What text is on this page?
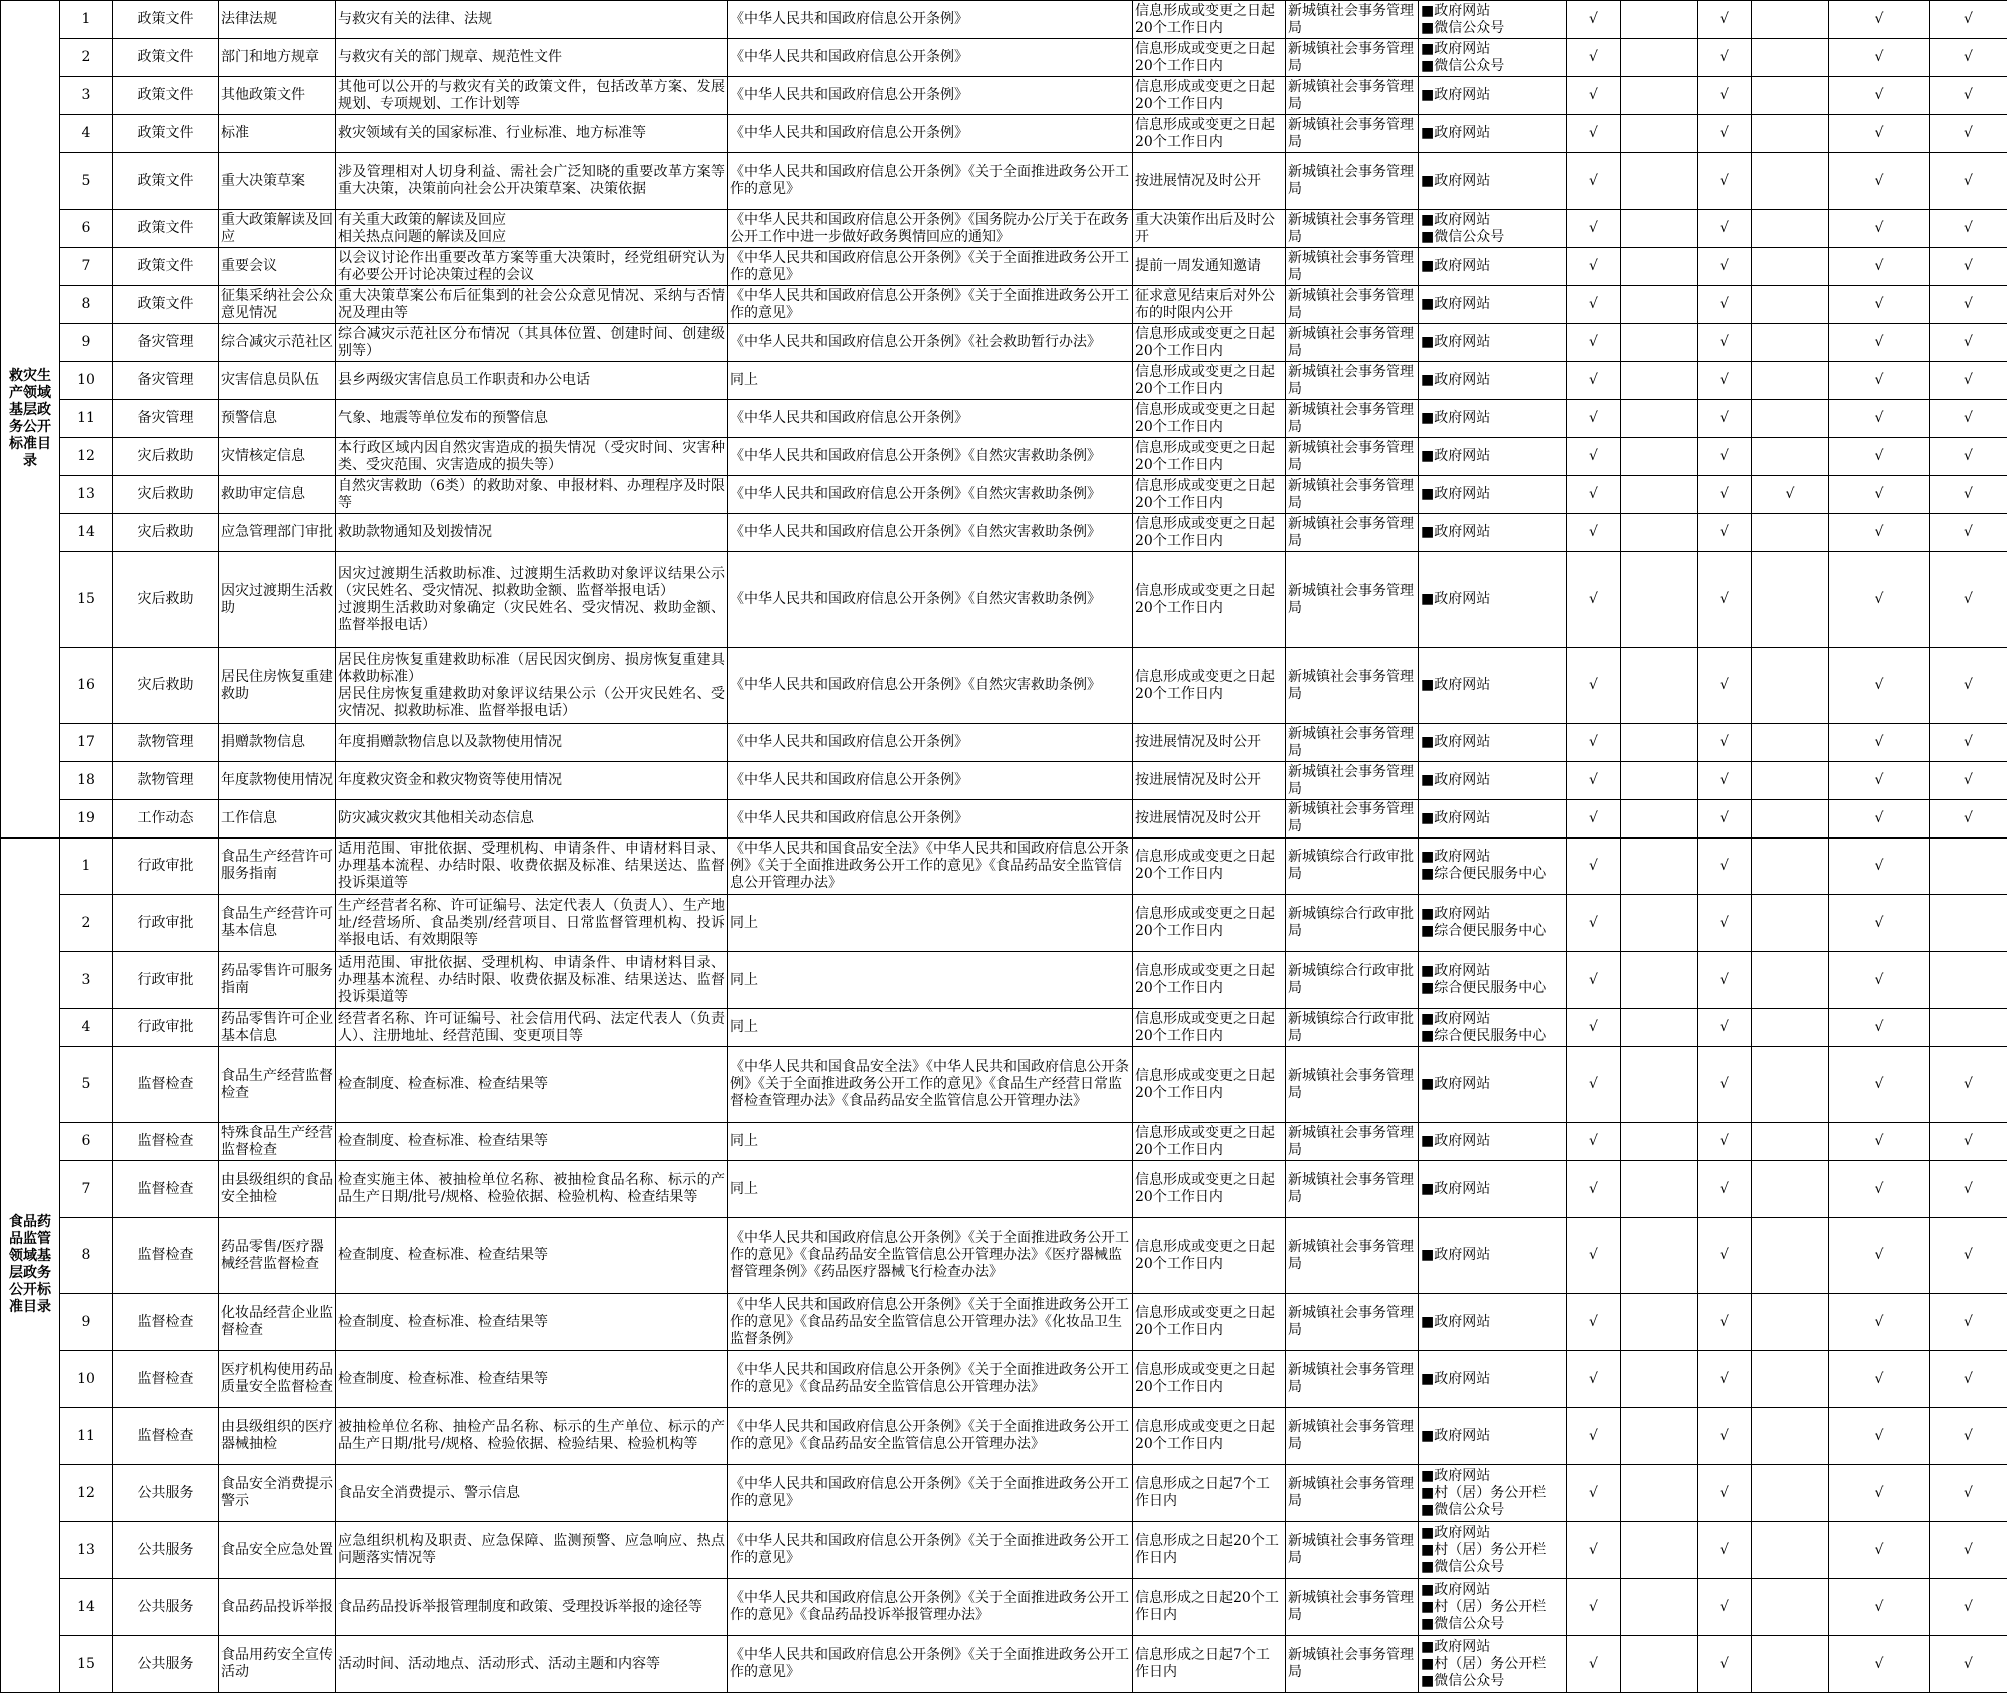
救灾生产领域基层政务公开标准目录	1	政策文件	法律法规	与救灾有关的法律、法规	《中华人民共和国政府信息公开条例》	信息形成或变更之日起20个工作日内	新城镇社会事务管理局	■政府网站
■微信公众号	√		√		√	√
	2	政策文件	部门和地方规章	与救灾有关的部门规章、规范性文件	《中华人民共和国政府信息公开条例》	信息形成或变更之日起20个工作日内	新城镇社会事务管理局	■政府网站
■微信公众号	√		√		√	√
	3	政策文件	其他政策文件	其他可以公开的与救灾有关的政策文件，包括改革方案、发展规划、专项规划、工作计划等	《中华人民共和国政府信息公开条例》	信息形成或变更之日起20个工作日内	新城镇社会事务管理局	■政府网站	√		√		√	√
	4	政策文件	标准	救灾领域有关的国家标准、行业标准、地方标准等	《中华人民共和国政府信息公开条例》	信息形成或变更之日起20个工作日内	新城镇社会事务管理局	■政府网站	√		√		√	√
	5	政策文件	重大决策草案	涉及管理相对人切身利益、需社会广泛知晓的重要改革方案等重大决策，决策前向社会公开决策草案、决策依据	《中华人民共和国政府信息公开条例》《关于全面推进政务公开工作的意见》	按进展情况及时公开	新城镇社会事务管理局	■政府网站	√		√		√	√
	6	政策文件	重大政策解读及回应	有关重大政策的解读及回应
相关热点问题的解读及回应	《中华人民共和国政府信息公开条例》《国务院办公厅关于在政务公开工作中进一步做好政务舆情回应的通知》	重大决策作出后及时公开	新城镇社会事务管理局	■政府网站
■微信公众号	√		√		√	√
	7	政策文件	重要会议	以会议讨论作出重要改革方案等重大决策时，经党组研究认为有必要公开讨论决策过程的会议	《中华人民共和国政府信息公开条例》《关于全面推进政务公开工作的意见》	提前一周发通知邀请	新城镇社会事务管理局	■政府网站	√		√		√	√
	8	政策文件	征集采纳社会公众意见情况	重大决策草案公布后征集到的社会公众意见情况、采纳与否情况及理由等	《中华人民共和国政府信息公开条例》《关于全面推进政务公开工作的意见》	征求意见结束后对外公布的时限内公开	新城镇社会事务管理局	■政府网站	√		√		√	√
	9	备灾管理	综合减灾示范社区	综合减灾示范社区分布情况（其具体位置、创建时间、创建级别等）	《中华人民共和国政府信息公开条例》《社会救助暂行办法》	信息形成或变更之日起20个工作日内	新城镇社会事务管理局	■政府网站	√		√		√	√
	10	备灾管理	灾害信息员队伍	县乡两级灾害信息员工作职责和办公电话	同上	信息形成或变更之日起20个工作日内	新城镇社会事务管理局	■政府网站	√		√		√	√
	11	备灾管理	预警信息	气象、地震等单位发布的预警信息	《中华人民共和国政府信息公开条例》	信息形成或变更之日起20个工作日内	新城镇社会事务管理局	■政府网站	√		√		√	√
	12	灾后救助	灾情核定信息	本行政区域内因自然灾害造成的损失情况（受灾时间、灾害种类、受灾范围、灾害造成的损失等）	《中华人民共和国政府信息公开条例》《自然灾害救助条例》	信息形成或变更之日起20个工作日内	新城镇社会事务管理局	■政府网站	√		√		√	√
	13	灾后救助	救助审定信息	自然灾害救助（6类）的救助对象、申报材料、办理程序及时限等	《中华人民共和国政府信息公开条例》《自然灾害救助条例》	信息形成或变更之日起20个工作日内	新城镇社会事务管理局	■政府网站	√		√	√	√	√
	14	灾后救助	应急管理部门审批	救助款物通知及划拨情况	《中华人民共和国政府信息公开条例》《自然灾害救助条例》	信息形成或变更之日起20个工作日内	新城镇社会事务管理局	■政府网站	√		√		√	√
	15	灾后救助	因灾过渡期生活救助	因灾过渡期生活救助标准、过渡期生活救助对象评议结果公示（灾民姓名、受灾情况、拟救助金额、监督举报电话）
过渡期生活救助对象确定（灾民姓名、受灾情况、救助金额、监督举报电话）	《中华人民共和国政府信息公开条例》《自然灾害救助条例》	信息形成或变更之日起20个工作日内	新城镇社会事务管理局	■政府网站	√		√		√	√
	16	灾后救助	居民住房恢复重建救助	居民住房恢复重建救助标准（居民因灾倒房、损房恢复重建具体救助标准）
居民住房恢复重建救助对象评议结果公示（公开灾民姓名、受灾情况、拟救助标准、监督举报电话）	《中华人民共和国政府信息公开条例》《自然灾害救助条例》	信息形成或变更之日起20个工作日内	新城镇社会事务管理局	■政府网站	√		√		√	√
	17	款物管理	捐赠款物信息	年度捐赠款物信息以及款物使用情况	《中华人民共和国政府信息公开条例》	按进展情况及时公开	新城镇社会事务管理局	■政府网站	√		√		√	√
	18	款物管理	年度款物使用情况	年度救灾资金和救灾物资等使用情况	《中华人民共和国政府信息公开条例》	按进展情况及时公开	新城镇社会事务管理局	■政府网站	√		√		√	√
	19	工作动态	工作信息	防灾减灾救灾其他相关动态信息	《中华人民共和国政府信息公开条例》	按进展情况及时公开	新城镇社会事务管理局	■政府网站	√		√		√	√
食品药品监管领域基层政务公开标准目录	1	行政审批	食品生产经营许可服务指南	适用范围、审批依据、受理机构、申请条件、申请材料目录、办理基本流程、办结时限、收费依据及标准、结果送达、监督投诉渠道等	《中华人民共和国食品安全法》《中华人民共和国政府信息公开条例》《关于全面推进政务公开工作的意见》《食品药品安全监管信息公开管理办法》	信息形成或变更之日起20个工作日内	新城镇综合行政审批局	■政府网站
■综合便民服务中心	√		√		√	
	2	行政审批	食品生产经营许可基本信息	生产经营者名称、许可证编号、法定代表人（负责人）、生产地址/经营场所、食品类别/经营项目、日常监督管理机构、投诉举报电话、有效期限等	同上	信息形成或变更之日起20个工作日内	新城镇综合行政审批局	■政府网站
■综合便民服务中心	√		√		√	
	3	行政审批	药品零售许可服务指南	适用范围、审批依据、受理机构、申请条件、申请材料目录、办理基本流程、办结时限、收费依据及标准、结果送达、监督投诉渠道等	同上	信息形成或变更之日起20个工作日内	新城镇综合行政审批局	■政府网站
■综合便民服务中心	√		√		√	
	4	行政审批	药品零售许可企业基本信息	经营者名称、许可证编号、社会信用代码、法定代表人（负责人）、注册地址、经营范围、变更项目等	同上	信息形成或变更之日起20个工作日内	新城镇综合行政审批局	■政府网站
■综合便民服务中心	√		√		√	
	5	监督检查	食品生产经营监督检查	检查制度、检查标准、检查结果等	《中华人民共和国食品安全法》《中华人民共和国政府信息公开条例》《关于全面推进政务公开工作的意见》《食品生产经营日常监督检查管理办法》《食品药品安全监管信息公开管理办法》	信息形成或变更之日起20个工作日内	新城镇社会事务管理局	■政府网站	√		√		√	√
	6	监督检查	特殊食品生产经营监督检查	检查制度、检查标准、检查结果等	同上	信息形成或变更之日起20个工作日内	新城镇社会事务管理局	■政府网站	√		√		√	√
	7	监督检查	由县级组织的食品安全抽检	检查实施主体、被抽检单位名称、被抽检食品名称、标示的产品生产日期/批号/规格、检验依据、检验机构、检查结果等	同上	信息形成或变更之日起20个工作日内	新城镇社会事务管理局	■政府网站	√		√		√	√
	8	监督检查	药品零售/医疗器械经营监督检查	检查制度、检查标准、检查结果等	《中华人民共和国政府信息公开条例》《关于全面推进政务公开工作的意见》《食品药品安全监管信息公开管理办法》《医疗器械监督管理条例》《药品医疗器械飞行检查办法》	信息形成或变更之日起20个工作日内	新城镇社会事务管理局	■政府网站	√		√		√	√
	9	监督检查	化妆品经营企业监督检查	检查制度、检查标准、检查结果等	《中华人民共和国政府信息公开条例》《关于全面推进政务公开工作的意见》《食品药品安全监管信息公开管理办法》《化妆品卫生监督条例》	信息形成或变更之日起20个工作日内	新城镇社会事务管理局	■政府网站	√		√		√	√
	10	监督检查	医疗机构使用药品质量安全监督检查	检查制度、检查标准、检查结果等	《中华人民共和国政府信息公开条例》《关于全面推进政务公开工作的意见》《食品药品安全监管信息公开管理办法》	信息形成或变更之日起20个工作日内	新城镇社会事务管理局	■政府网站	√		√		√	√
	11	监督检查	由县级组织的医疗器械抽检	被抽检单位名称、抽检产品名称、标示的生产单位、标示的产品生产日期/批号/规格、检验依据、检验结果、检验机构等	《中华人民共和国政府信息公开条例》《关于全面推进政务公开工作的意见》《食品药品安全监管信息公开管理办法》	信息形成或变更之日起20个工作日内	新城镇社会事务管理局	■政府网站	√		√		√	√
	12	公共服务	食品安全消费提示警示	食品安全消费提示、警示信息	《中华人民共和国政府信息公开条例》《关于全面推进政务公开工作的意见》	信息形成之日起7个工作日内	新城镇社会事务管理局	■政府网站
■村（居）务公开栏
■微信公众号	√		√		√	√
	13	公共服务	食品安全应急处置	应急组织机构及职责、应急保障、监测预警、应急响应、热点问题落实情况等	《中华人民共和国政府信息公开条例》《关于全面推进政务公开工作的意见》	信息形成之日起20个工作日内	新城镇社会事务管理局	■政府网站
■村（居）务公开栏
■微信公众号	√		√		√	√
	14	公共服务	食品药品投诉举报	食品药品投诉举报管理制度和政策、受理投诉举报的途径等	《中华人民共和国政府信息公开条例》《关于全面推进政务公开工作的意见》《食品药品投诉举报管理办法》	信息形成之日起20个工作日内	新城镇社会事务管理局	■政府网站
■村（居）务公开栏
■微信公众号	√		√		√	√
	15	公共服务	食品用药安全宣传活动	活动时间、活动地点、活动形式、活动主题和内容等	《中华人民共和国政府信息公开条例》《关于全面推进政务公开工作的意见》	信息形成之日起7个工作日内	新城镇社会事务管理局	■政府网站
■村（居）务公开栏
■微信公众号	√		√		√	√
